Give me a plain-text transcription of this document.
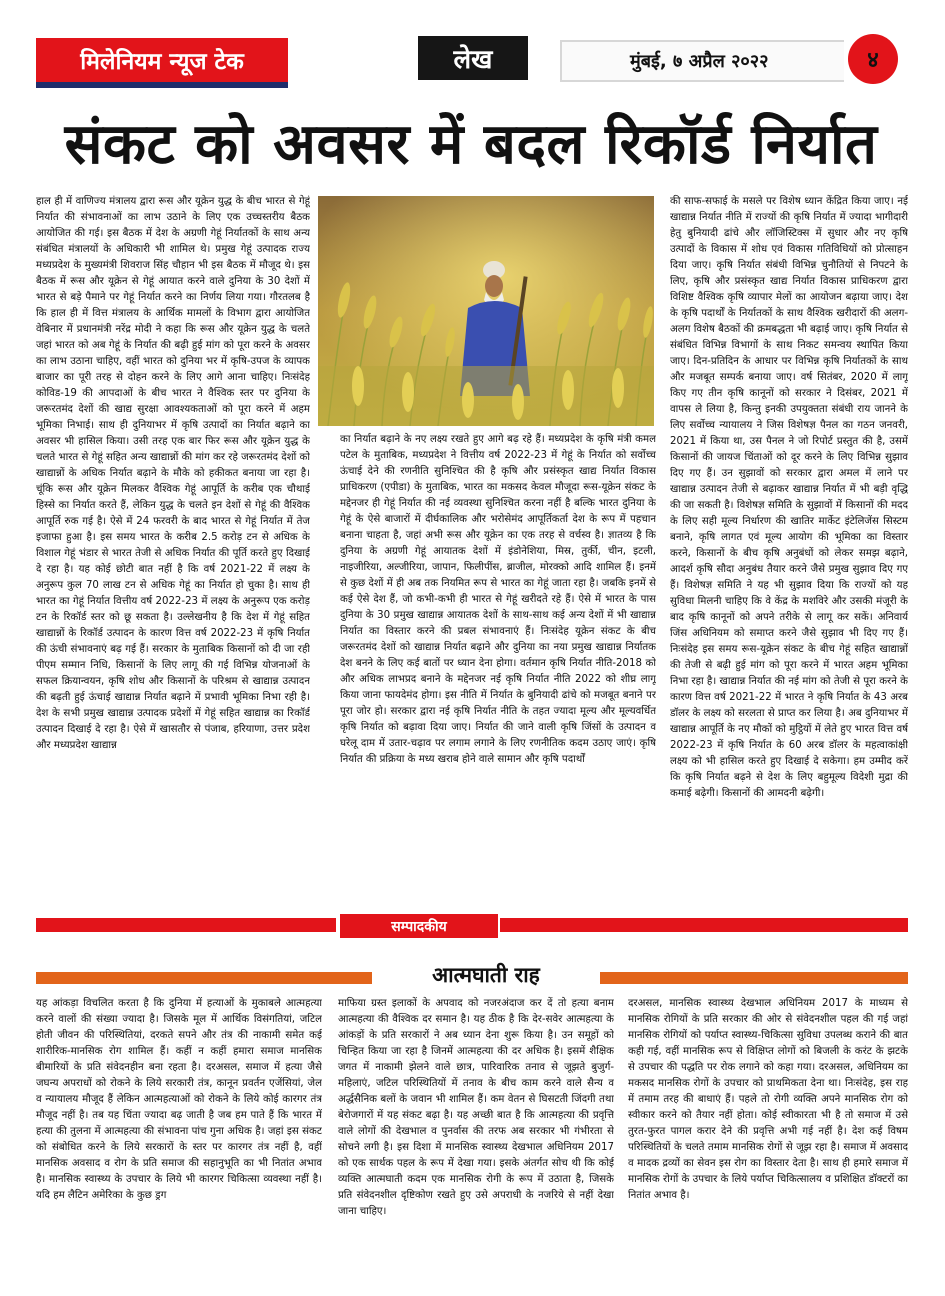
मिलेनियम न्यूज टेक	लेख	मुंबई, ७ अप्रैल २०२२	४
संकट को अवसर में बदल रिकॉर्ड निर्यात

हाल ही में वाणिज्य मंत्रालय द्वारा रूस और यूक्रेन युद्ध के बीच भारत से गेहूं निर्यात की संभावनाओं का लाभ उठाने के लिए एक उच्चस्तरीय बैठक आयोजित की गई। इस बैठक में देश के अग्रणी गेहूं निर्यातकों के साथ अन्य संबंधित मंत्रालयों के अधिकारी भी शामिल थे। प्रमुख गेहूं उत्पादक राज्य मध्यप्रदेश के मुख्यमंत्री शिवराज सिंह चौहान भी इस बैठक में मौजूद थे। इस बैठक में रूस और यूक्रेन से गेहूं आयात करने वाले दुनिया के 30 देशों में भारत से बड़े पैमाने पर गेहूं निर्यात करने का निर्णय लिया गया। गौरतलब है कि हाल ही में वित्त मंत्रालय के आर्थिक मामलों के विभाग द्वारा आयोजित वेबिनार में प्रधानमंत्री नरेंद्र मोदी ने कहा कि रूस और यूक्रेन युद्ध के चलते जहां भारत को अब गेहूं के निर्यात की बढ़ी हुई मांग को पूरा करने के अवसर का लाभ उठाना चाहिए, वहीं भारत को दुनिया भर में कृषि-उपज के व्यापक बाजार का पूरी तरह से दोहन करने के लिए आगे आना चाहिए। निःसंदेह कोविड-19 की आपदाओं के बीच भारत ने वैश्विक स्तर पर दुनिया के जरूरतमंद देशों की खाद्य सुरक्षा आवश्यकताओं को पूरा करने में अहम भूमिका निभाई। साथ ही दुनियाभर में कृषि उत्पादों का निर्यात बढ़ाने का अवसर भी हासिल किया। उसी तरह एक बार फिर रूस और यूक्रेन युद्ध के चलते भारत से गेहूं सहित अन्य खाद्यान्नों की मांग कर रहे जरूरतमंद देशों को खाद्यान्नों के अधिक निर्यात बढ़ाने के मौके को हकीकत बनाया जा रहा है। चूंकि रूस और यूक्रेन मिलकर वैश्विक गेहूं आपूर्ति के करीब एक चौथाई हिस्से का निर्यात करते हैं, लेकिन युद्ध के चलते इन देशों से गेहूं की वैश्विक आपूर्ति रुक गई है। ऐसे में 24 फरवरी के बाद भारत से गेहूं निर्यात में तेज इजाफा हुआ है। इस समय भारत के करीब 2.5 करोड़ टन से अधिक के विशाल गेहूं भंडार से भारत तेजी से अधिक निर्यात की पूर्ति करते हुए दिखाई दे रहा है। यह कोई छोटी बात नहीं है कि वर्ष 2021-22 में लक्ष्य के अनुरूप कुल 70 लाख टन से अधिक गेहूं का निर्यात हो चुका है। साथ ही भारत का गेहूं निर्यात वित्तीय वर्ष 2022-23 में लक्ष्य के अनुरूप एक करोड़ टन के रिकॉर्ड स्तर को छू सकता है। उल्लेखनीय है कि देश में गेहूं सहित खाद्यान्नों के रिकॉर्ड उत्पादन के कारण वित्त वर्ष 2022-23 में कृषि निर्यात की ऊंची संभावनाएं बढ़ गई हैं। सरकार के मुताबिक किसानों को दी जा रही पीएम सम्मान निधि, किसानों के लिए लागू की गई विभिन्न योजनाओं के सफल क्रियान्वयन, कृषि शोध और किसानों के परिश्रम से खाद्यान्न उत्पादन की बढ़ती हुई ऊंचाई खाद्यान्न निर्यात बढ़ाने में प्रभावी भूमिका निभा रही है। देश के सभी प्रमुख खाद्यान्न उत्पादक प्रदेशों में गेहूं सहित खाद्यान्न का रिकॉर्ड उत्पादन दिखाई दे रहा है। ऐसे में खासतौर से पंजाब, हरियाणा, उत्तर प्रदेश और मध्यप्रदेश खाद्यान्न

का निर्यात बढ़ाने के नए लक्ष्य रखते हुए आगे बढ़ रहे हैं। मध्यप्रदेश के कृषि मंत्री कमल पटेल के मुताबिक, मध्यप्रदेश ने वित्तीय वर्ष 2022-23 में गेहूं के निर्यात को सर्वोच्च ऊंचाई देने की रणनीति सुनिश्चित की है कृषि और प्रसंस्कृत खाद्य निर्यात विकास प्राधिकरण (एपीडा) के मुताबिक, भारत का मकसद केवल मौजूदा रूस-यूक्रेन संकट के मद्देनजर ही गेहूं निर्यात की नई व्यवस्था सुनिश्चित करना नहीं है बल्कि भारत दुनिया के गेहूं के ऐसे बाजारों में दीर्घकालिक और भरोसेमंद आपूर्तिकर्ता देश के रूप में पहचान बनाना चाहता है, जहां अभी रूस और यूक्रेन का एक तरह से वर्चस्व है। ज्ञातव्य है कि दुनिया के अग्रणी गेहूं आयातक देशों में इंडोनेशिया, मिस्र, तुर्की, चीन, इटली, नाइजीरिया, अल्जीरिया, जापान, फिलीपींस, ब्राजील, मोरक्को आदि शामिल हैं। इनमें से कुछ देशों में ही अब तक नियमित रूप से भारत का गेहूं जाता रहा है। जबकि इनमें से कई ऐसे देश हैं, जो कभी-कभी ही भारत से गेहूं खरीदते रहे हैं। ऐसे में भारत के पास दुनिया के 30 प्रमुख खाद्यान्न आयातक देशों के साथ-साथ कई अन्य देशों में भी खाद्यान्न निर्यात का विस्तार करने की प्रबल संभावनाएं हैं। निःसंदेह यूक्रेन संकट के बीच जरूरतमंद देशों को खाद्यान्न निर्यात बढ़ाने और दुनिया का नया प्रमुख खाद्यान्न निर्यातक देश बनने के लिए कई बातों पर ध्यान देना होगा। वर्तमान कृषि निर्यात नीति-2018 को और अधिक लाभप्रद बनाने के मद्देनजर नई कृषि निर्यात नीति 2022 को शीघ्र लागू किया जाना फायदेमंद होगा। इस नीति में निर्यात के बुनियादी ढांचे को मजबूत बनाने पर पूरा जोर हो। सरकार द्वारा नई कृषि निर्यात नीति के तहत ज्यादा मूल्य और मूल्यवर्धित कृषि निर्यात को बढ़ावा दिया जाए। निर्यात की जाने वाली कृषि जिंसों के उत्पादन व घरेलू दाम में उतार-चढ़ाव पर लगाम लगाने के लिए रणनीतिक कदम उठाए जाएं। कृषि निर्यात की प्रक्रिया के मध्य खराब होने वाले सामान और कृषि पदार्थों

की साफ-सफाई के मसले पर विशेष ध्यान केंद्रित किया जाए। नई खाद्यान्न निर्यात नीति में राज्यों की कृषि निर्यात में ज्यादा भागीदारी हेतु बुनियादी ढांचे और लॉजिस्टिक्स में सुधार और नए कृषि उत्पादों के विकास में शोध एवं विकास गतिविधियों को प्रोत्साहन दिया जाए। कृषि निर्यात संबंधी विभिन्न चुनौतियों से निपटने के लिए, कृषि और प्रसंस्कृत खाद्य निर्यात विकास प्राधिकरण द्वारा विशिष्ट वैश्विक कृषि व्यापार मेलों का आयोजन बढ़ाया जाए। देश के कृषि पदार्थों के निर्यातकों के साथ वैश्विक खरीदारों की अलग-अलग विशेष बैठकों की क्रमबद्धता भी बढ़ाई जाए। कृषि निर्यात से संबंधित विभिन्न विभागों के साथ निकट समन्वय स्थापित किया जाए। दिन-प्रतिदिन के आधार पर विभिन्न कृषि निर्यातकों के साथ और मजबूत सम्पर्क बनाया जाए। वर्ष सितंबर, 2020 में लागू किए गए तीन कृषि कानूनों को सरकार ने दिसंबर, 2021 में वापस ले लिया है, किन्तु इनकी उपयुक्तता संबंधी राय जानने के लिए सर्वोच्च न्यायालय ने जिस विशेषज्ञ पैनल का गठन जनवरी, 2021 में किया था, उस पैनल ने जो रिपोर्ट प्रस्तुत की है, उसमें किसानों की जायज चिंताओं को दूर करने के लिए विभिन्न सुझाव दिए गए हैं। उन सुझावों को सरकार द्वारा अमल में लाने पर खाद्यान्न उत्पादन तेजी से बढ़ाकर खाद्यान्न निर्यात में भी बड़ी वृद्धि की जा सकती है। विशेषज्ञ समिति के सुझावों में किसानों की मदद के लिए सही मूल्य निर्धारण की खातिर मार्केट इंटेलिजेंस सिस्टम बनाने, कृषि लागत एवं मूल्य आयोग की भूमिका का विस्तार करने, किसानों के बीच कृषि अनुबंधों को लेकर समझ बढ़ाने, आदर्श कृषि सौदा अनुबंध तैयार करने जैसे प्रमुख सुझाव दिए गए हैं। विशेषज्ञ समिति ने यह भी सुझाव दिया कि राज्यों को यह सुविधा मिलनी चाहिए कि वे केंद्र के मशविरे और उसकी मंजूरी के बाद कृषि कानूनों को अपने तरीके से लागू कर सकें। अनिवार्य जिंस अधिनियम को समाप्त करने जैसे सुझाव भी दिए गए हैं। निःसंदेह इस समय रूस-यूक्रेन संकट के बीच गेहूं सहित खाद्यान्नों की तेजी से बढ़ी हुई मांग को पूरा करने में भारत अहम भूमिका निभा रहा है। खाद्यान्न निर्यात की नई मांग को तेजी से पूरा करने के कारण वित्त वर्ष 2021-22 में भारत ने कृषि निर्यात के 43 अरब डॉलर के लक्ष्य को सरलता से प्राप्त कर लिया है। अब दुनियाभर में खाद्यान्न आपूर्ति के नए मौकों को मुट्ठियों में लेते हुए भारत वित्त वर्ष 2022-23 में कृषि निर्यात के 60 अरब डॉलर के महत्वाकांक्षी लक्ष्य को भी हासिल करते हुए दिखाई दे सकेगा। हम उम्मीद करें कि कृषि निर्यात बढ़ने से देश के लिए बहुमूल्य विदेशी मुद्रा की कमाई बढ़ेगी। किसानों की आमदनी बढ़ेगी।

सम्पादकीय
आत्मघाती राह

यह आंकड़ा विचलित करता है कि दुनिया में हत्याओं के मुकाबले आत्महत्या करने वालों की संख्या ज्यादा है। जिसके मूल में आर्थिक विसंगतियां, जटिल होती जीवन की परिस्थितियां, दरकते सपने और तंत्र की नाकामी समेत कई शारीरिक-मानसिक रोग शामिल हैं। कहीं न कहीं हमारा समाज मानसिक बीमारियों के प्रति संवेदनहीन बना रहता है। दरअसल, समाज में हत्या जैसे जघन्य अपराधों को रोकने के लिये सरकारी तंत्र, कानून प्रवर्तन एजेंसियां, जेल व न्यायालय मौजूद हैं लेकिन आत्महत्याओं को रोकने के लिये कोई कारगर तंत्र मौजूद नहीं है। तब यह चिंता ज्यादा बढ़ जाती है जब हम पाते हैं कि भारत में हत्या की तुलना में आत्महत्या की संभावना पांच गुना अधिक है। जहां इस संकट को संबोधित करने के लिये सरकारों के स्तर पर कारगर तंत्र नहीं है, वहीं मानसिक अवसाद व रोग के प्रति समाज की सहानुभूति का भी नितांत अभाव है। मानसिक स्वास्थ्य के उपचार के लिये भी कारगर चिकित्सा व्यवस्था नहीं है। यदि हम लैटिन अमेरिका के कुछ ड्रग

माफिया ग्रस्त इलाकों के अपवाद को नजरअंदाज कर दें तो हत्या बनाम आत्महत्या की वैश्विक दर समान है। यह ठीक है कि देर-सवेर आत्महत्या के आंकड़ों के प्रति सरकारों ने अब ध्यान देना शुरू किया है। उन समूहों को चिन्हित किया जा रहा है जिनमें आत्महत्या की दर अधिक है। इसमें शैक्षिक जगत में नाकामी झेलने वाले छात्र, पारिवारिक तनाव से जूझते बुजुर्ग-महिलाएं, जटिल परिस्थितियों में तनाव के बीच काम करने वाले सैन्य व अर्द्धसैनिक बलों के जवान भी शामिल हैं। कम वेतन से घिसटती जिंदगी तथा बेरोजगारों में यह संकट बढ़ा है। यह अच्छी बात है कि आत्महत्या की प्रवृत्ति वाले लोगों की देखभाल व पुनर्वास की तरफ अब सरकार भी गंभीरता से सोचने लगी है। इस दिशा में मानसिक स्वास्थ्य देखभाल अधिनियम 2017 को एक सार्थक पहल के रूप में देखा गया। इसके अंतर्गत सोच थी कि कोई व्यक्ति आत्मघाती कदम एक मानसिक रोगी के रूप में उठाता है, जिसके प्रति संवेदनशील दृष्टिकोण रखते हुए उसे अपराधी के नजरिये से नहीं देखा जाना चाहिए।

दरअसल, मानसिक स्वास्थ्य देखभाल अधिनियम 2017 के माध्यम से मानसिक रोगियों के प्रति सरकार की ओर से संवेदनशील पहल की गई जहां मानसिक रोगियों को पर्याप्त स्वास्थ्य-चिकित्सा सुविधा उपलब्ध कराने की बात कही गई, वहीं मानसिक रूप से विक्षिप्त लोगों को बिजली के करंट के झटके से उपचार की पद्धति पर रोक लगाने को कहा गया। दरअसल, अधिनियम का मकसद मानसिक रोगों के उपचार को प्राथमिकता देना था। निःसंदेह, इस राह में तमाम तरह की बाधाएं हैं। पहले तो रोगी व्यक्ति अपने मानसिक रोग को स्वीकार करने को तैयार नहीं होता। कोई स्वीकारता भी है तो समाज में उसे तुरत-फुरत पागल करार देने की प्रवृत्ति अभी गई नहीं है। देश कई विषम परिस्थितियों के चलते तमाम मानसिक रोगों से जूझ रहा है। समाज में अवसाद व मादक द्रव्यों का सेवन इस रोग का विस्तार देता है। साथ ही हमारे समाज में मानसिक रोगों के उपचार के लिये पर्याप्त चिकित्सालय व प्रशिक्षित डॉक्टरों का नितांत अभाव है।
